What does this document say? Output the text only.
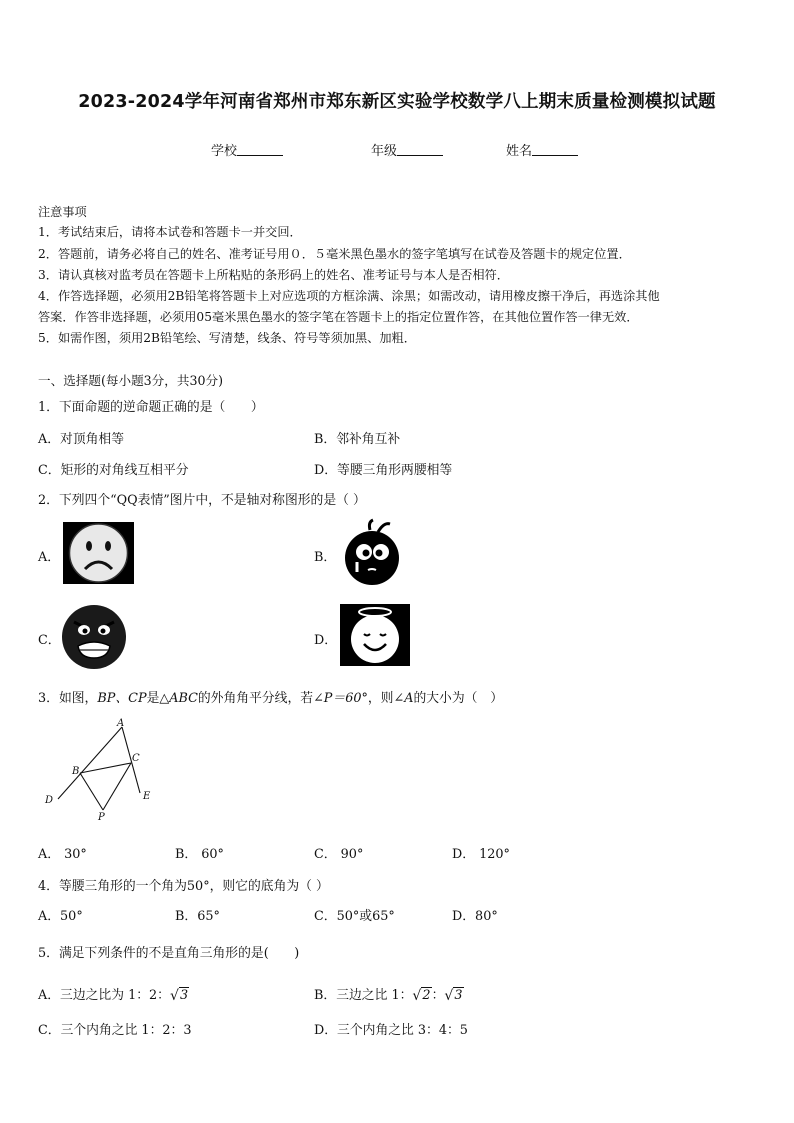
2023-2024学年河南省郑州市郑东新区实验学校数学八上期末质量检测模拟试题
学校	年级	姓名
注意事项
1．考试结束后，请将本试卷和答题卡一并交回．
2．答题前，请务必将自己的姓名、准考证号用０．５毫米黑色墨水的签字笔填写在试卷及答题卡的规定位置．
3．请认真核对监考员在答题卡上所粘贴的条形码上的姓名、准考证号与本人是否相符．
4．作答选择题，必须用2B铅笔将答题卡上对应选项的方框涂满、涂黑；如需改动，请用橡皮擦干净后，再选涂其他
答案．作答非选择题，必须用05毫米黑色墨水的签字笔在答题卡上的指定位置作答，在其他位置作答一律无效．
5．如需作图，须用2B铅笔绘、写清楚，线条、符号等须加黑、加粗．
一、选择题(每小题3分，共30分)
1．下面命题的逆命题正确的是（　　）
A．对顶角相等	B．邻补角互补
C．矩形的对角线互相平分	D．等腰三角形两腰相等
2．下列四个“QQ表情”图片中，不是轴对称图形的是（ ）
A．	B．
C．	D．
3．如图，BP、CP是△ABC的外角角平分线，若∠P＝60°，则∠A的大小为（　）
A
B
C
D	E
P
A． 30°	B． 60°	C． 90°	D． 120°
4．等腰三角形的一个角为50°，则它的底角为（ ）
A．50°	B．65°	C．50°或65°	D．80°
5．满足下列条件的不是直角三角形的是(　　)
A．三边之比为 1：2： √ 3	B．三边之比 1： √ 2： √ 3
C．三个内角之比 1：2：3	D．三个内角之比 3：4：5
